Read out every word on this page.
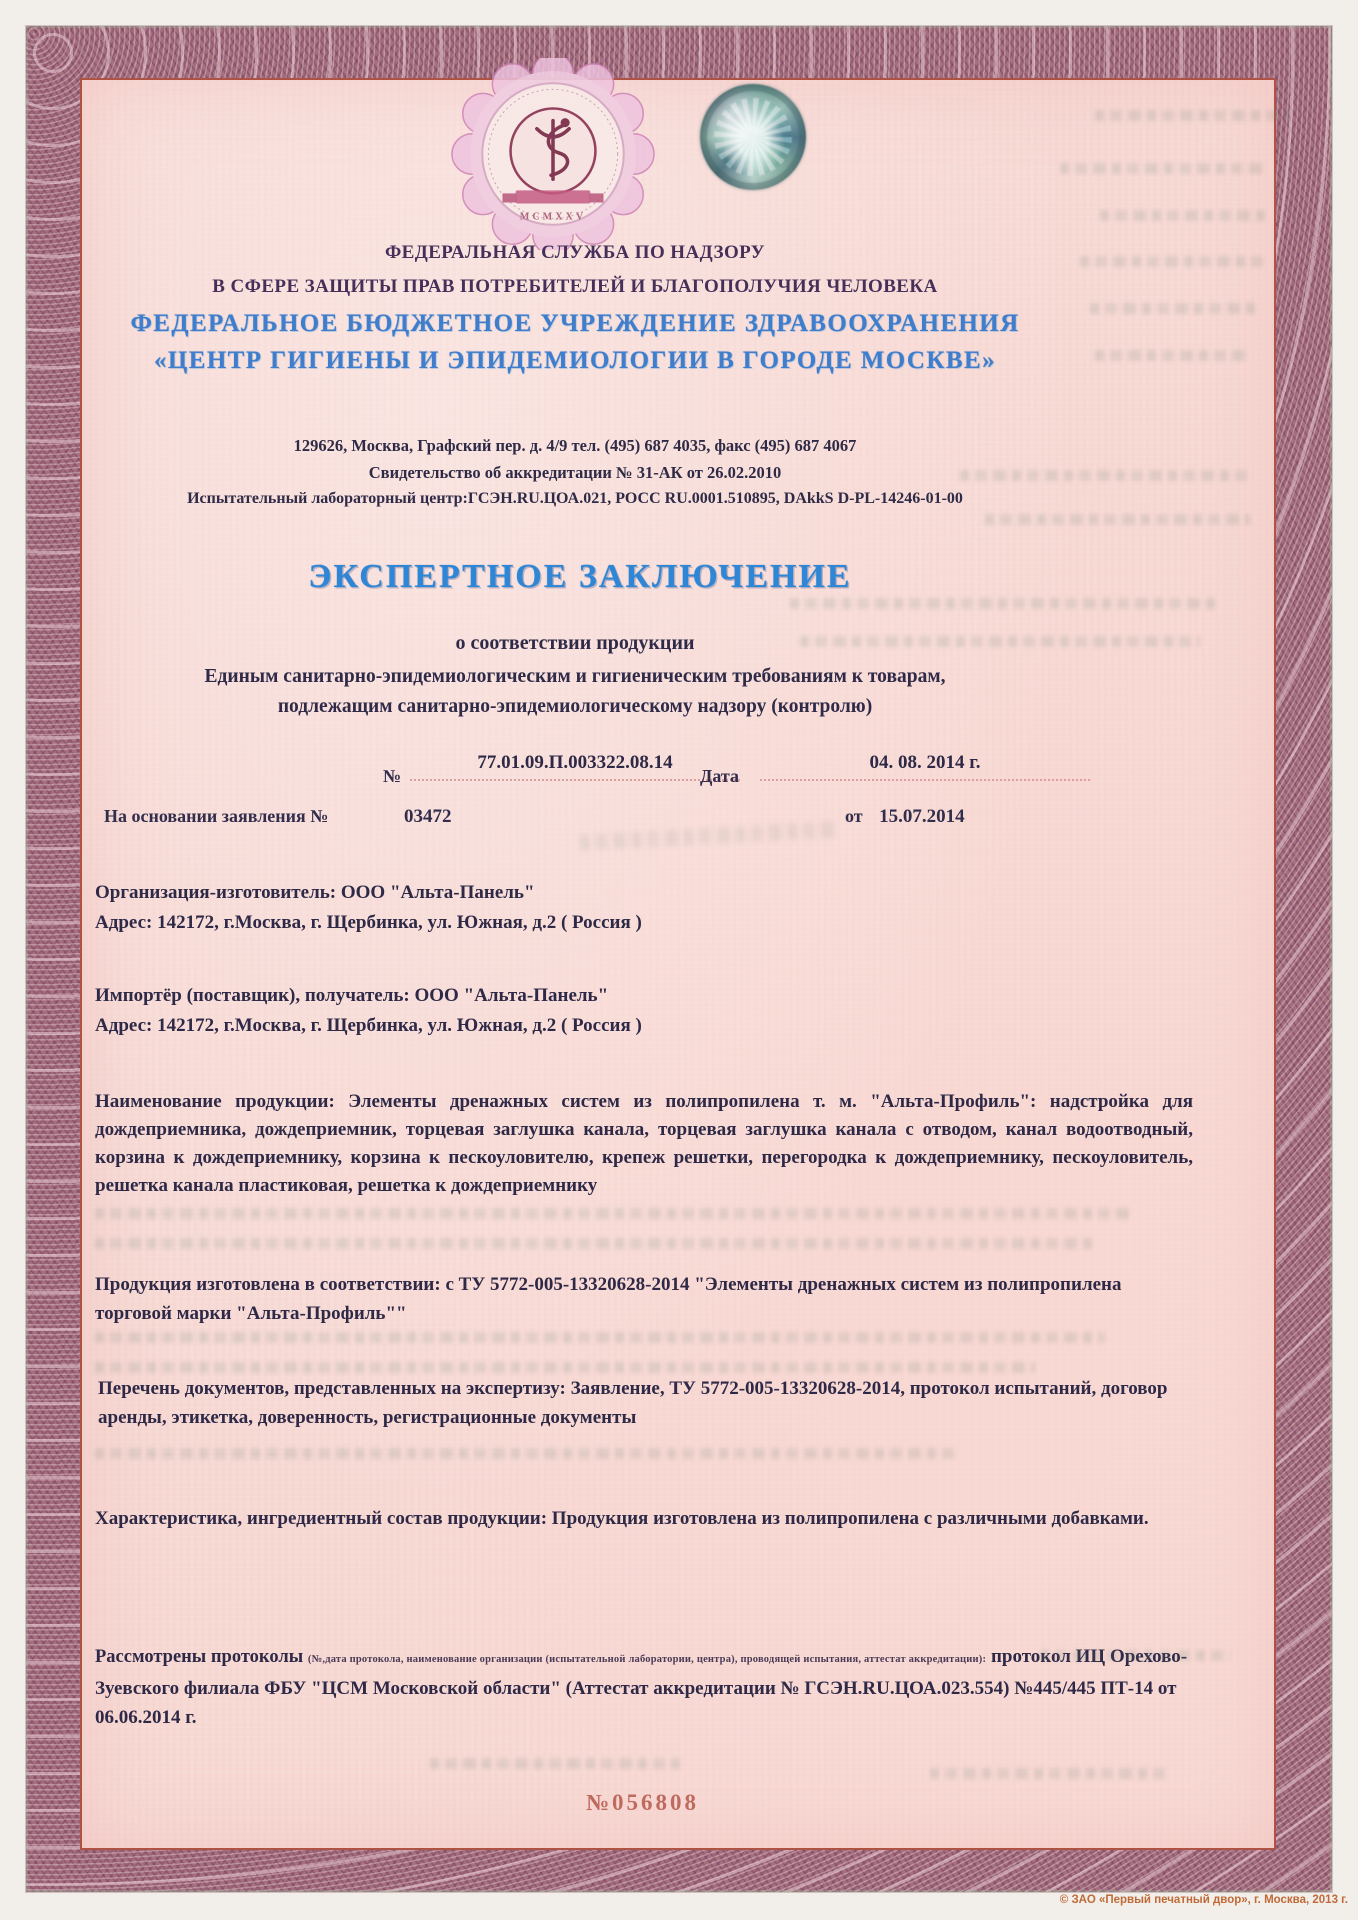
MCMXXV
ФЕДЕРАЛЬНАЯ СЛУЖБА ПО НАДЗОРУ
В СФЕРЕ ЗАЩИТЫ ПРАВ ПОТРЕБИТЕЛЕЙ И БЛАГОПОЛУЧИЯ ЧЕЛОВЕКА
ФЕДЕРАЛЬНОЕ БЮДЖЕТНОЕ УЧРЕЖДЕНИЕ ЗДРАВООХРАНЕНИЯ
«ЦЕНТР ГИГИЕНЫ И ЭПИДЕМИОЛОГИИ В ГОРОДЕ МОСКВЕ»
129626, Москва, Графский пер. д. 4/9 тел. (495) 687 4035, факс (495) 687 4067
Свидетельство об аккредитации № 31-АК от 26.02.2010
Испытательный лабораторный центр:ГСЭН.RU.ЦОА.021, РОСС RU.0001.510895, DAkkS D-PL-14246-01-00
ЭКСПЕРТНОЕ ЗАКЛЮЧЕНИЕ
о соответствии продукции
Единым санитарно-эпидемиологическим и гигиеническим требованиям к товарам,
подлежащим санитарно-эпидемиологическому надзору (контролю)
№
77.01.09.П.003322.08.14
Дата
04. 08. 2014 г.
На основании заявления №	03472	от 15.07.2014
Организация-изготовитель: ООО "Альта-Панель"
Адрес: 142172, г.Москва, г. Щербинка, ул. Южная, д.2 ( Россия )
Импортёр (поставщик), получатель: ООО "Альта-Панель"
Адрес: 142172, г.Москва, г. Щербинка, ул. Южная, д.2 ( Россия )
Наименование продукции: Элементы дренажных систем из полипропилена т. м. "Альта-Профиль": надстройка для дождеприемника, дождеприемник, торцевая заглушка канала, торцевая заглушка канала с отводом, канал водоотводный, корзина к дождеприемнику, корзина к пескоуловителю, крепеж решетки, перегородка к дождеприемнику, пескоуловитель, решетка канала пластиковая, решетка к дождеприемнику
Продукция изготовлена в соответствии: с ТУ 5772-005-13320628-2014 "Элементы дренажных систем из полипропилена торговой марки "Альта-Профиль""
Перечень документов, представленных на экспертизу: Заявление, ТУ 5772-005-13320628-2014, протокол испытаний, договор аренды, этикетка, доверенность, регистрационные документы
Характеристика, ингредиентный состав продукции: Продукция изготовлена из полипропилена с различными добавками.
Рассмотрены протоколы (№,дата протокола, наименование организации (испытательной лаборатории, центра), проводящей испытания, аттестат аккредитации): протокол ИЦ Орехово-Зуевского филиала ФБУ "ЦСМ Московской области" (Аттестат аккредитации № ГСЭН.RU.ЦОА.023.554) №445/445 ПТ-14 от 06.06.2014 г.
№056808
© ЗАО «Первый печатный двор», г. Москва, 2013 г.
